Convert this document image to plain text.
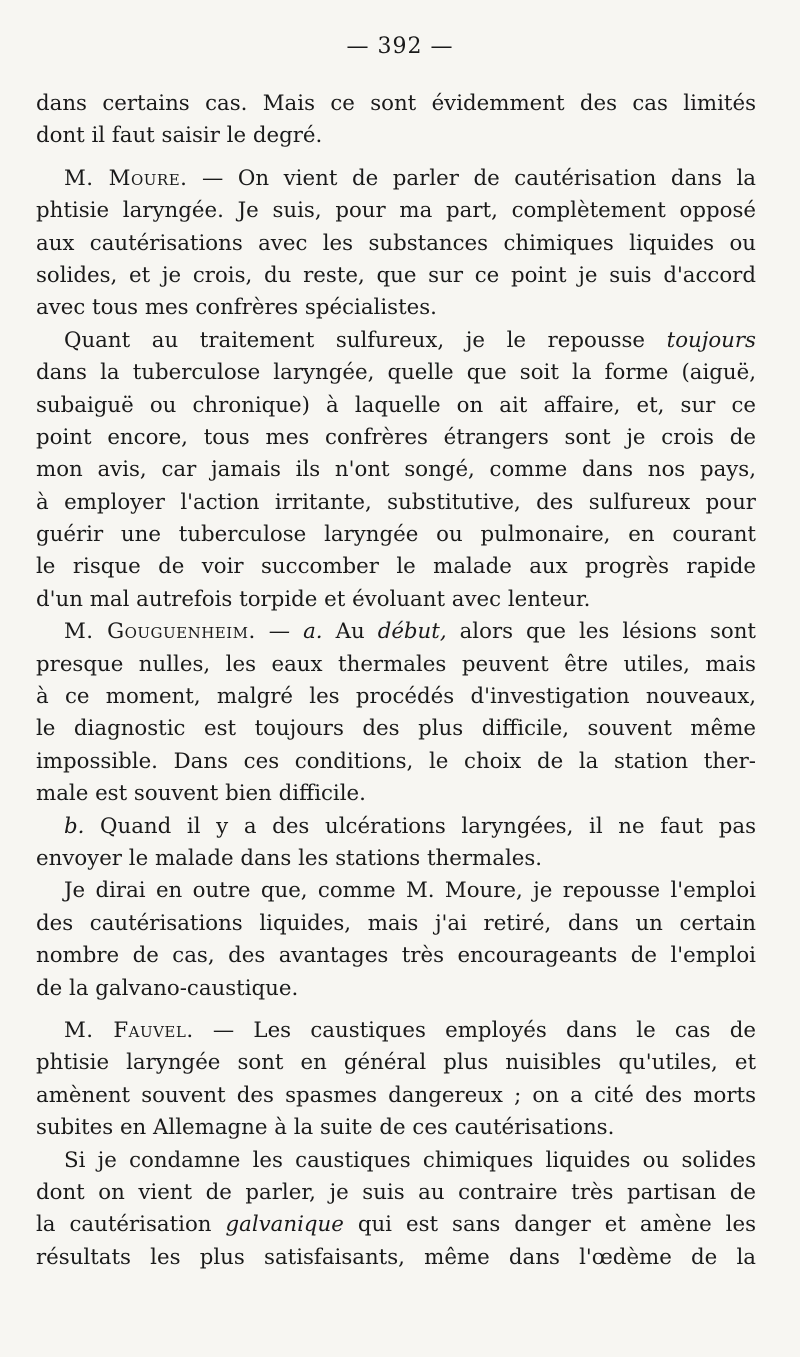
— 392 —
dans certains cas. Mais ce sont évidemment des cas limités
dont il faut saisir le degré.
M. Moure. — On vient de parler de cautérisation dans la
phtisie laryngée. Je suis, pour ma part, complètement opposé
aux cautérisations avec les substances chimiques liquides ou
solides, et je crois, du reste, que sur ce point je suis d'accord
avec tous mes confrères spécialistes.
Quant au traitement sulfureux, je le repousse toujours
dans la tuberculose laryngée, quelle que soit la forme (aiguë,
subaiguë ou chronique) à laquelle on ait affaire, et, sur ce
point encore, tous mes confrères étrangers sont je crois de
mon avis, car jamais ils n'ont songé, comme dans nos pays,
à employer l'action irritante, substitutive, des sulfureux pour
guérir une tuberculose laryngée ou pulmonaire, en courant
le risque de voir succomber le malade aux progrès rapide
d'un mal autrefois torpide et évoluant avec lenteur.
M. Gouguenheim. — a. Au début, alors que les lésions sont
presque nulles, les eaux thermales peuvent être utiles, mais
à ce moment, malgré les procédés d'investigation nouveaux,
le diagnostic est toujours des plus difficile, souvent même
impossible. Dans ces conditions, le choix de la station ther-
male est souvent bien difficile.
b. Quand il y a des ulcérations laryngées, il ne faut pas
envoyer le malade dans les stations thermales.
Je dirai en outre que, comme M. Moure, je repousse l'emploi
des cautérisations liquides, mais j'ai retiré, dans un certain
nombre de cas, des avantages très encourageants de l'emploi
de la galvano-caustique.
M. Fauvel. — Les caustiques employés dans le cas de
phtisie laryngée sont en général plus nuisibles qu'utiles, et
amènent souvent des spasmes dangereux ; on a cité des morts
subites en Allemagne à la suite de ces cautérisations.
Si je condamne les caustiques chimiques liquides ou solides
dont on vient de parler, je suis au contraire très partisan de
la cautérisation galvanique qui est sans danger et amène les
résultats les plus satisfaisants, même dans l'œdème de la
